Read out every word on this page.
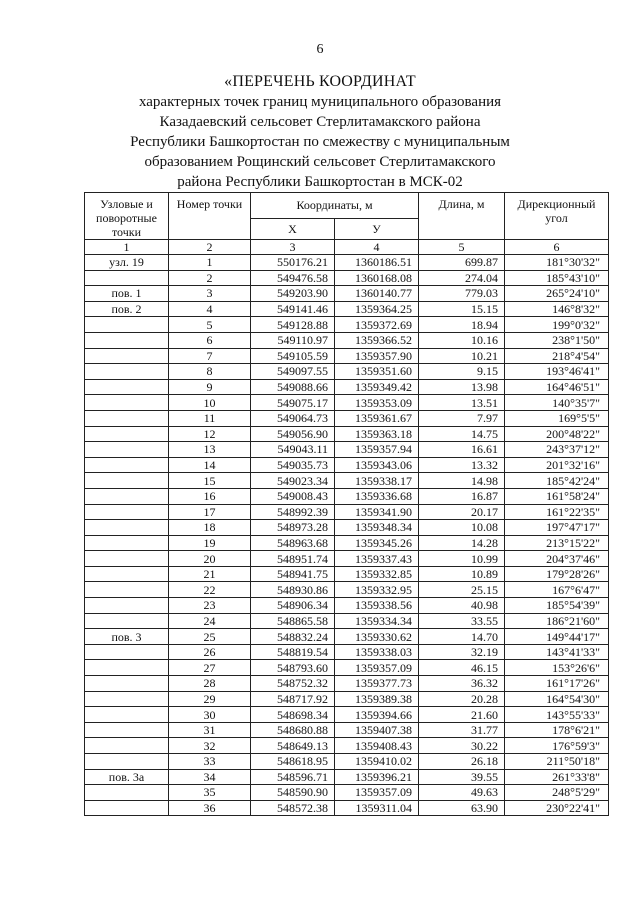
6
«ПЕРЕЧЕНЬ КООРДИНАТ
характерных точек границ муниципального образования
Казадаевский сельсовет Стерлитамакского района
Республики Башкортостан по смежеству с муниципальным
образованием Рощинский сельсовет Стерлитамакского
района Республики Башкортостан в МСК-02
Узловые и поворотные точки	Номер точки	Координаты, м		Длина, м	Дирекционный угол
		X	У		
1	2	3	4	5	6
узл. 19	1	550176.21	1360186.51	699.87	181°30'32"
	2	549476.58	1360168.08	274.04	185°43'10"
пов. 1	3	549203.90	1360140.77	779.03	265°24'10"
пов. 2	4	549141.46	1359364.25	15.15	146°8'32"
	5	549128.88	1359372.69	18.94	199°0'32"
	6	549110.97	1359366.52	10.16	238°1'50"
	7	549105.59	1359357.90	10.21	218°4'54"
	8	549097.55	1359351.60	9.15	193°46'41"
	9	549088.66	1359349.42	13.98	164°46'51"
	10	549075.17	1359353.09	13.51	140°35'7"
	11	549064.73	1359361.67	7.97	169°5'5"
	12	549056.90	1359363.18	14.75	200°48'22"
	13	549043.11	1359357.94	16.61	243°37'12"
	14	549035.73	1359343.06	13.32	201°32'16"
	15	549023.34	1359338.17	14.98	185°42'24"
	16	549008.43	1359336.68	16.87	161°58'24"
	17	548992.39	1359341.90	20.17	161°22'35"
	18	548973.28	1359348.34	10.08	197°47'17"
	19	548963.68	1359345.26	14.28	213°15'22"
	20	548951.74	1359337.43	10.99	204°37'46"
	21	548941.75	1359332.85	10.89	179°28'26"
	22	548930.86	1359332.95	25.15	167°6'47"
	23	548906.34	1359338.56	40.98	185°54'39"
	24	548865.58	1359334.34	33.55	186°21'60"
пов. 3	25	548832.24	1359330.62	14.70	149°44'17"
	26	548819.54	1359338.03	32.19	143°41'33"
	27	548793.60	1359357.09	46.15	153°26'6"
	28	548752.32	1359377.73	36.32	161°17'26"
	29	548717.92	1359389.38	20.28	164°54'30"
	30	548698.34	1359394.66	21.60	143°55'33"
	31	548680.88	1359407.38	31.77	178°6'21"
	32	548649.13	1359408.43	30.22	176°59'3"
	33	548618.95	1359410.02	26.18	211°50'18"
пов. 3а	34	548596.71	1359396.21	39.55	261°33'8"
	35	548590.90	1359357.09	49.63	248°5'29"
	36	548572.38	1359311.04	63.90	230°22'41"
